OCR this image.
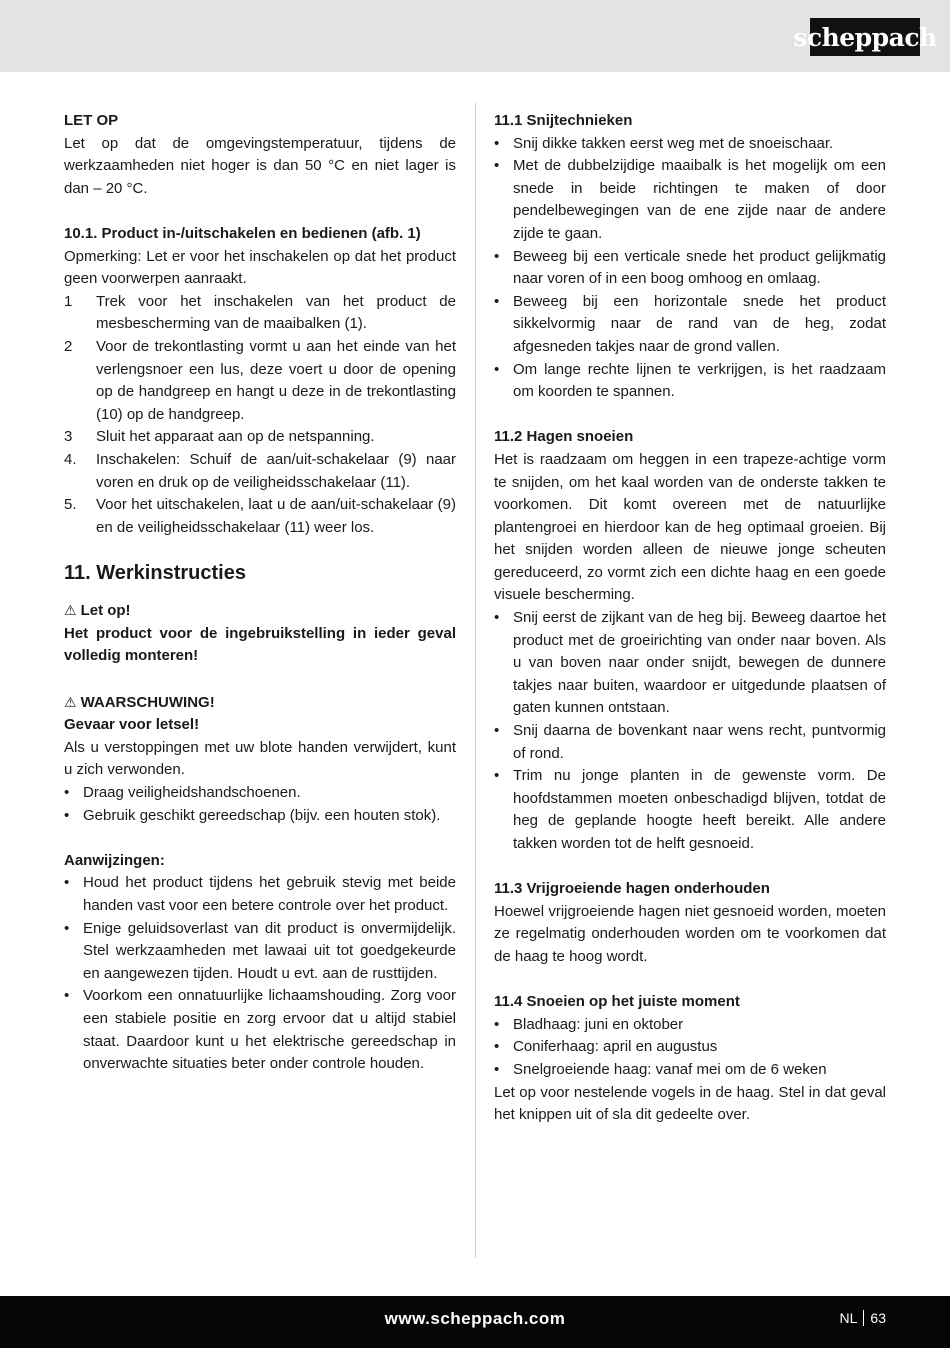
scheppach

LET OP

Let op dat de omgevingstemperatuur, tijdens de werkzaamheden niet hoger is dan 50 °C en niet lager is dan – 20 °C.

10.1. Product in-/uitschakelen en bedienen (afb. 1)

Opmerking: Let er voor het inschakelen op dat het product geen voorwerpen aanraakt.

1 Trek voor het inschakelen van het product de mesbescherming van de maaibalken (1).
2 Voor de trekontlasting vormt u aan het einde van het verlengsnoer een lus, deze voert u door de opening op de handgreep en hangt u deze in de trekontlasting (10) op de handgreep.
3 Sluit het apparaat aan op de netspanning.
4. Inschakelen: Schuif de aan/uit-schakelaar (9) naar voren en druk op de veiligheidsschakelaar (11).
5. Voor het uitschakelen, laat u de aan/uit-schakelaar (9) en de veiligheidsschakelaar (11) weer los.
11. Werkinstructies

⚠ Let op!

Het product voor de ingebruikstelling in ieder geval volledig monteren!

⚠ WAARSCHUWING!

Gevaar voor letsel!

Als u verstoppingen met uw blote handen verwijdert, kunt u zich verwonden.

• Draag veiligheidshandschoenen.
• Gebruik geschikt gereedschap (bijv. een houten stok).

Aanwijzingen:

• Houd het product tijdens het gebruik stevig met beide handen vast voor een betere controle over het product.
• Enige geluidsoverlast van dit product is onvermijdelijk. Stel werkzaamheden met lawaai uit tot goedgekeurde en aangewezen tijden. Houdt u evt. aan de rusttijden.
• Voorkom een onnatuurlijke lichaamshouding. Zorg voor een stabiele positie en zorg ervoor dat u altijd stabiel staat. Daardoor kunt u het elektrische gereedschap in onverwachte situaties beter onder controle houden.

11.1 Snijtechnieken

• Snij dikke takken eerst weg met de snoeischaar.
• Met de dubbelzijdige maaibalk is het mogelijk om een snede in beide richtingen te maken of door pendelbewegingen van de ene zijde naar de andere zijde te gaan.
• Beweeg bij een verticale snede het product gelijkmatig naar voren of in een boog omhoog en omlaag.
• Beweeg bij een horizontale snede het product sikkelvormig naar de rand van de heg, zodat afgesneden takjes naar de grond vallen.
• Om lange rechte lijnen te verkrijgen, is het raadzaam om koorden te spannen.

11.2 Hagen snoeien

Het is raadzaam om heggen in een trapeze-achtige vorm te snijden, om het kaal worden van de onderste takken te voorkomen. Dit komt overeen met de natuurlijke plantengroei en hierdoor kan de heg optimaal groeien. Bij het snijden worden alleen de nieuwe jonge scheuten gereduceerd, zo vormt zich een dichte haag en een goede visuele bescherming.

• Snij eerst de zijkant van de heg bij. Beweeg daartoe het product met de groeirichting van onder naar boven. Als u van boven naar onder snijdt, bewegen de dunnere takjes naar buiten, waardoor er uitgedunde plaatsen of gaten kunnen ontstaan.
• Snij daarna de bovenkant naar wens recht, puntvormig of rond.
• Trim nu jonge planten in de gewenste vorm. De hoofdstammen moeten onbeschadigd blijven, totdat de heg de geplande hoogte heeft bereikt. Alle andere takken worden tot de helft gesnoeid.

11.3 Vrijgroeiende hagen onderhouden

Hoewel vrijgroeiende hagen niet gesnoeid worden, moeten ze regelmatig onderhouden worden om te voorkomen dat de haag te hoog wordt.

11.4 Snoeien op het juiste moment

• Bladhaag: juni en oktober
• Coniferhaag: april en augustus
• Snelgroeiende haag: vanaf mei om de 6 weken

Let op voor nestelende vogels in de haag. Stel in dat geval het knippen uit of sla dit gedeelte over.

www.scheppach.com	NL 63
